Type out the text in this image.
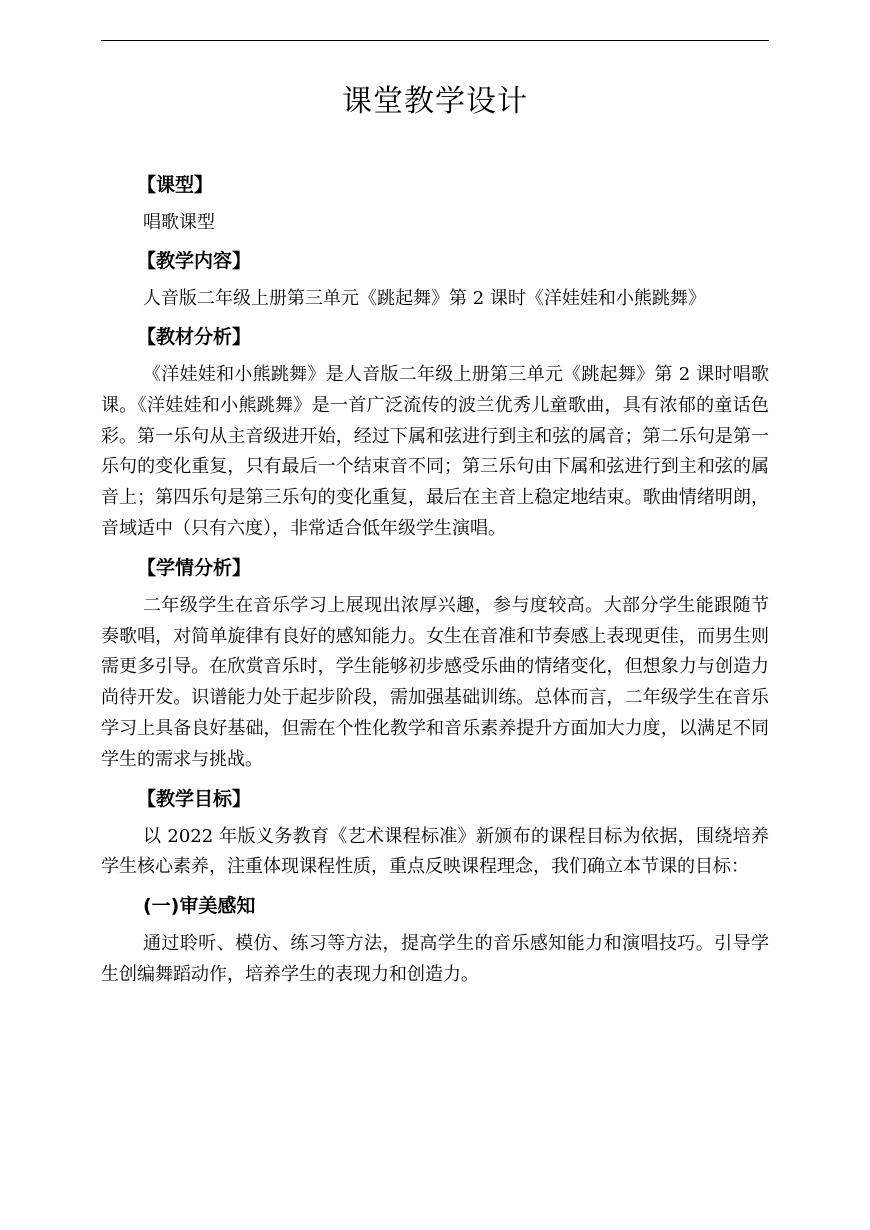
课堂教学设计
【课型】

唱歌课型

【教学内容】

人音版二年级上册第三单元《跳起舞》第 2 课时《洋娃娃和小熊跳舞》

【教材分析】

《洋娃娃和小熊跳舞》是人音版二年级上册第三单元《跳起舞》第 2 课时唱歌课。《洋娃娃和小熊跳舞》是一首广泛流传的波兰优秀儿童歌曲，具有浓郁的童话色彩。第一乐句从主音级进开始，经过下属和弦进行到主和弦的属音；第二乐句是第一乐句的变化重复，只有最后一个结束音不同；第三乐句由下属和弦进行到主和弦的属音上；第四乐句是第三乐句的变化重复，最后在主音上稳定地结束。歌曲情绪明朗，音域适中（只有六度），非常适合低年级学生演唱。

【学情分析】

二年级学生在音乐学习上展现出浓厚兴趣，参与度较高。大部分学生能跟随节奏歌唱，对简单旋律有良好的感知能力。女生在音准和节奏感上表现更佳，而男生则需更多引导。在欣赏音乐时，学生能够初步感受乐曲的情绪变化，但想象力与创造力尚待开发。识谱能力处于起步阶段，需加强基础训练。总体而言，二年级学生在音乐学习上具备良好基础，但需在个性化教学和音乐素养提升方面加大力度，以满足不同学生的需求与挑战。

【教学目标】

以 2022 年版义务教育《艺术课程标准》新颁布的课程目标为依据，围绕培养学生核心素养，注重体现课程性质，重点反映课程理念，我们确立本节课的目标：

(一)审美感知

通过聆听、模仿、练习等方法，提高学生的音乐感知能力和演唱技巧。引导学生创编舞蹈动作，培养学生的表现力和创造力。
